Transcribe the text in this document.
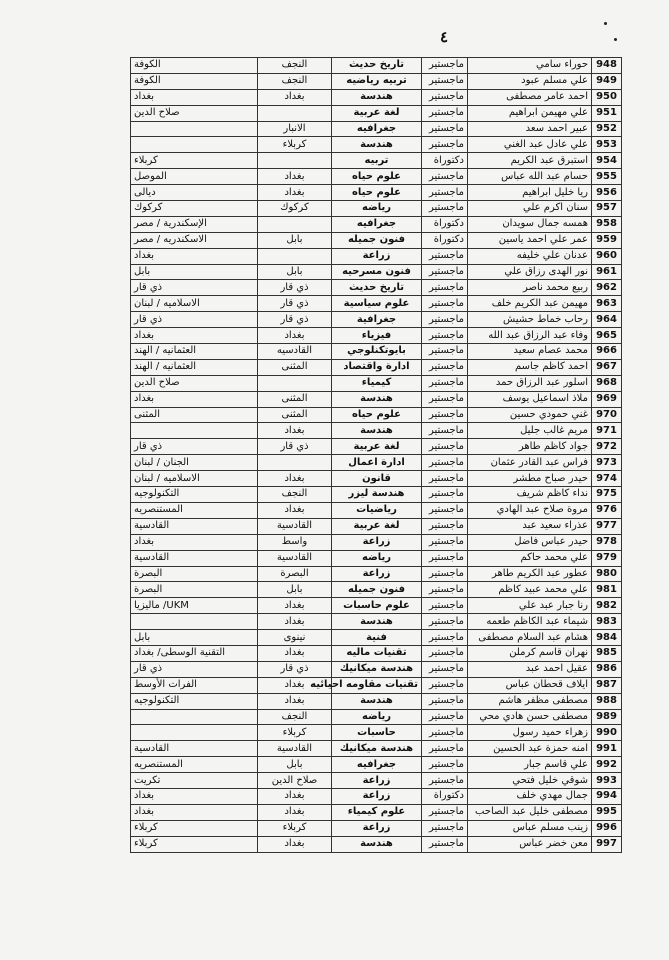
٤
948	حوراء سامي	ماجستير	تاريخ حديث	النجف	الكوفة
949	علي مسلم عبود	ماجستير	تربيه رياضيه	النجف	الكوفة
950	احمد عامر مصطفى	ماجستير	هندسة	بغداد	بغداد
951	علي مهيمن ابراهيم	ماجستير	لغة عربية		صلاح الدين
952	عبير احمد سعد	ماجستير	جغرافيه	الانبار	
953	علي عادل عبد الغني	ماجستير	هندسة	كربلاء	
954	استبرق عبد الكريم	دكتوراة	تربيه		كربلاء
955	حسام عبد الله عباس	ماجستير	علوم حياه	بغداد	الموصل
956	ريا خليل ابراهيم	ماجستير	علوم حياه	بغداد	ديالى
957	سنان اكرم علي	ماجستير	رياضه	كركوك	كركوك
958	همسه جمال سويدان	دكتوراة	جغرافيه		الإسكندرية / مصر
959	عمر علي احمد ياسين	دكتوراة	فنون جميله	بابل	الاسكندريه / مصر
960	عدنان علي خليفه	ماجستير	زراعة		بغداد
961	نور الهدى رزاق علي	ماجستير	فنون مسرحيه	بابل	بابل
962	ربيع محمد ناصر	ماجستير	تاريخ حديث	ذي قار	ذي قار
963	مهيمن عبد الكريم خلف	ماجستير	علوم سياسية	ذي قار	الاسلاميه / لبنان
964	رحاب خماط حشيش	ماجستير	جغرافية	ذي قار	ذي قار
965	وفاء عبد الرزاق عبد الله	ماجستير	فيزياء	بغداد	بغداد
966	محمد عصام سعيد	ماجستير	بايوتكنلوجي	القادسيه	العثمانيه / الهند
967	احمد كاظم جاسم	ماجستير	ادارة واقتصاد	المثنى	العثمانيه / الهند
968	اسلور عبد الرزاق حمد	ماجستير	كيمياء		صلاح الدين
969	ملاذ اسماعيل يوسف	ماجستير	هندسة	المثنى	بغداد
970	غني حمودي حسين	ماجستير	علوم حياه	المثنى	المثنى
971	مريم غالب جليل	ماجستير	هندسة	بغداد	
972	جواد كاظم طاهر	ماجستير	لغة عربية	ذي قار	ذي قار
973	فراس عبد القادر عثمان	ماجستير	ادارة اعمال		الجنان / لبنان
974	حيدر صباح مطشر	ماجستير	قانون	بغداد	الاسلاميه / لبنان
975	نداء كاظم شريف	ماجستير	هندسة ليزر	النجف	التكنولوجيه
976	مروة صلاح عبد الهادي	ماجستير	رياضيات	بغداد	المستنصريه
977	عذراء سعيد عبد	ماجستير	لغة عربية	القادسية	القادسية
978	حيدر عباس فاضل	ماجستير	زراعة	واسط	بغداد
979	علي محمد حاكم	ماجستير	رياضه	القادسية	القادسية
980	عطور عبد الكريم طاهر	ماجستير	زراعة	البصرة	البصرة
981	علي محمد عبيد كاظم	ماجستير	فنون جميله	بابل	البصرة
982	رنا جبار عبد علي	ماجستير	علوم حاسبات	بغداد	UKM/ ماليزيا
983	شيماء عبد الكاظم طعمه	ماجستير	هندسة	بغداد	
984	هشام عبد السلام مصطفى	ماجستير	فنية	نينوى	بابل
985	نهران قاسم كرملن	ماجستير	تقنيات ماليه	بغداد	التقنية الوسطى/ بغداد
986	عقيل احمد عبد	ماجستير	هندسة ميكانيك	ذي قار	ذي قار
987	ايلاف قحطان عباس	ماجستير	تقنيات مقاومه احيائيه	بغداد	الفرات الأوسط
988	مصطفى مظفر هاشم	ماجستير	هندسة	بغداد	التكنولوجيه
989	مصطفى حسن هادي محي	ماجستير	رياضه	النجف	
990	زهراء حميد رسول	ماجستير	حاسبات	كربلاء	
991	امنه حمزة عبد الحسين	ماجستير	هندسة ميكانيك	القادسية	القادسية
992	علي قاسم جبار	ماجستير	جغرافيه	بابل	المستنصريه
993	شوقي خليل فتحي	ماجستير	زراعة	صلاح الدين	تكريت
994	جمال مهدي خلف	دكتوراة	زراعة	بغداد	بغداد
995	مصطفى خليل عبد الصاحب	ماجستير	علوم كيمياء	بغداد	بغداد
996	زينب مسلم عباس	ماجستير	زراعة	كربلاء	كربلاء
997	معن خضر عباس	ماجستير	هندسة	بغداد	كربلاء
